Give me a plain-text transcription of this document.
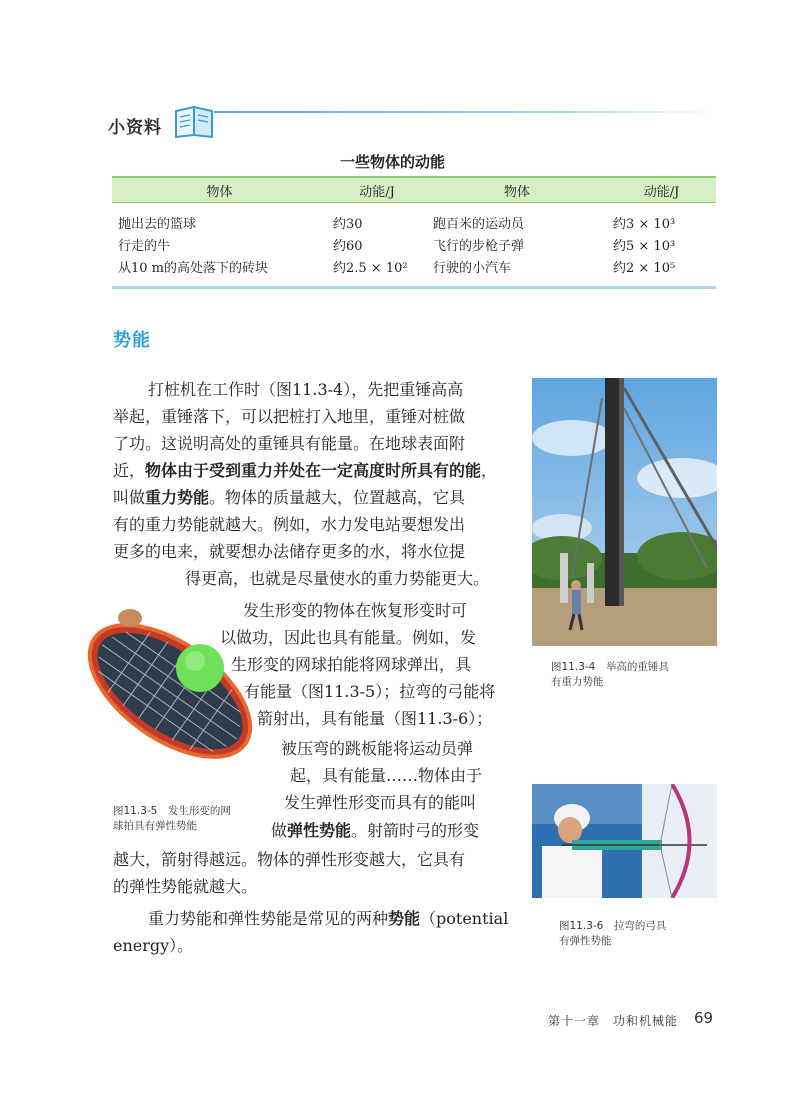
小资料
一些物体的动能
物体	动能/J	物体	动能/J
抛出去的篮球	约30	跑百米的运动员	约3 × 10³
行走的牛	约60	飞行的步枪子弹	约5 × 10³
从10 m的高处落下的砖块	约2.5 × 10²	行驶的小汽车	约2 × 10⁵
势能
打桩机在工作时（图11.3-4），先把重锤高高
举起，重锤落下，可以把桩打入地里，重锤对桩做
了功。这说明高处的重锤具有能量。在地球表面附
近，物体由于受到重力并处在一定高度时所具有的能，
叫做重力势能。物体的质量越大，位置越高，它具
有的重力势能就越大。例如，水力发电站要想发出
更多的电来，就要想办法储存更多的水，将水位提
得更高，也就是尽量使水的重力势能更大。
发生形变的物体在恢复形变时可
以做功，因此也具有能量。例如，发
生形变的网球拍能将网球弹出，具
有能量（图11.3-5）；拉弯的弓能将
箭射出，具有能量（图11.3-6）；
被压弯的跳板能将运动员弹
起，具有能量……物体由于
发生弹性形变而具有的能叫
做弹性势能。射箭时弓的形变
越大，箭射得越远。物体的弹性形变越大，它具有
的弹性势能就越大。
重力势能和弹性势能是常见的两种势能（potential
energy）。
图11.3-4　举高的重锤具
有重力势能
图11.3-5　发生形变的网
球拍具有弹性势能
图11.3-6　拉弯的弓具
有弹性势能
第十一章　功和机械能 69
